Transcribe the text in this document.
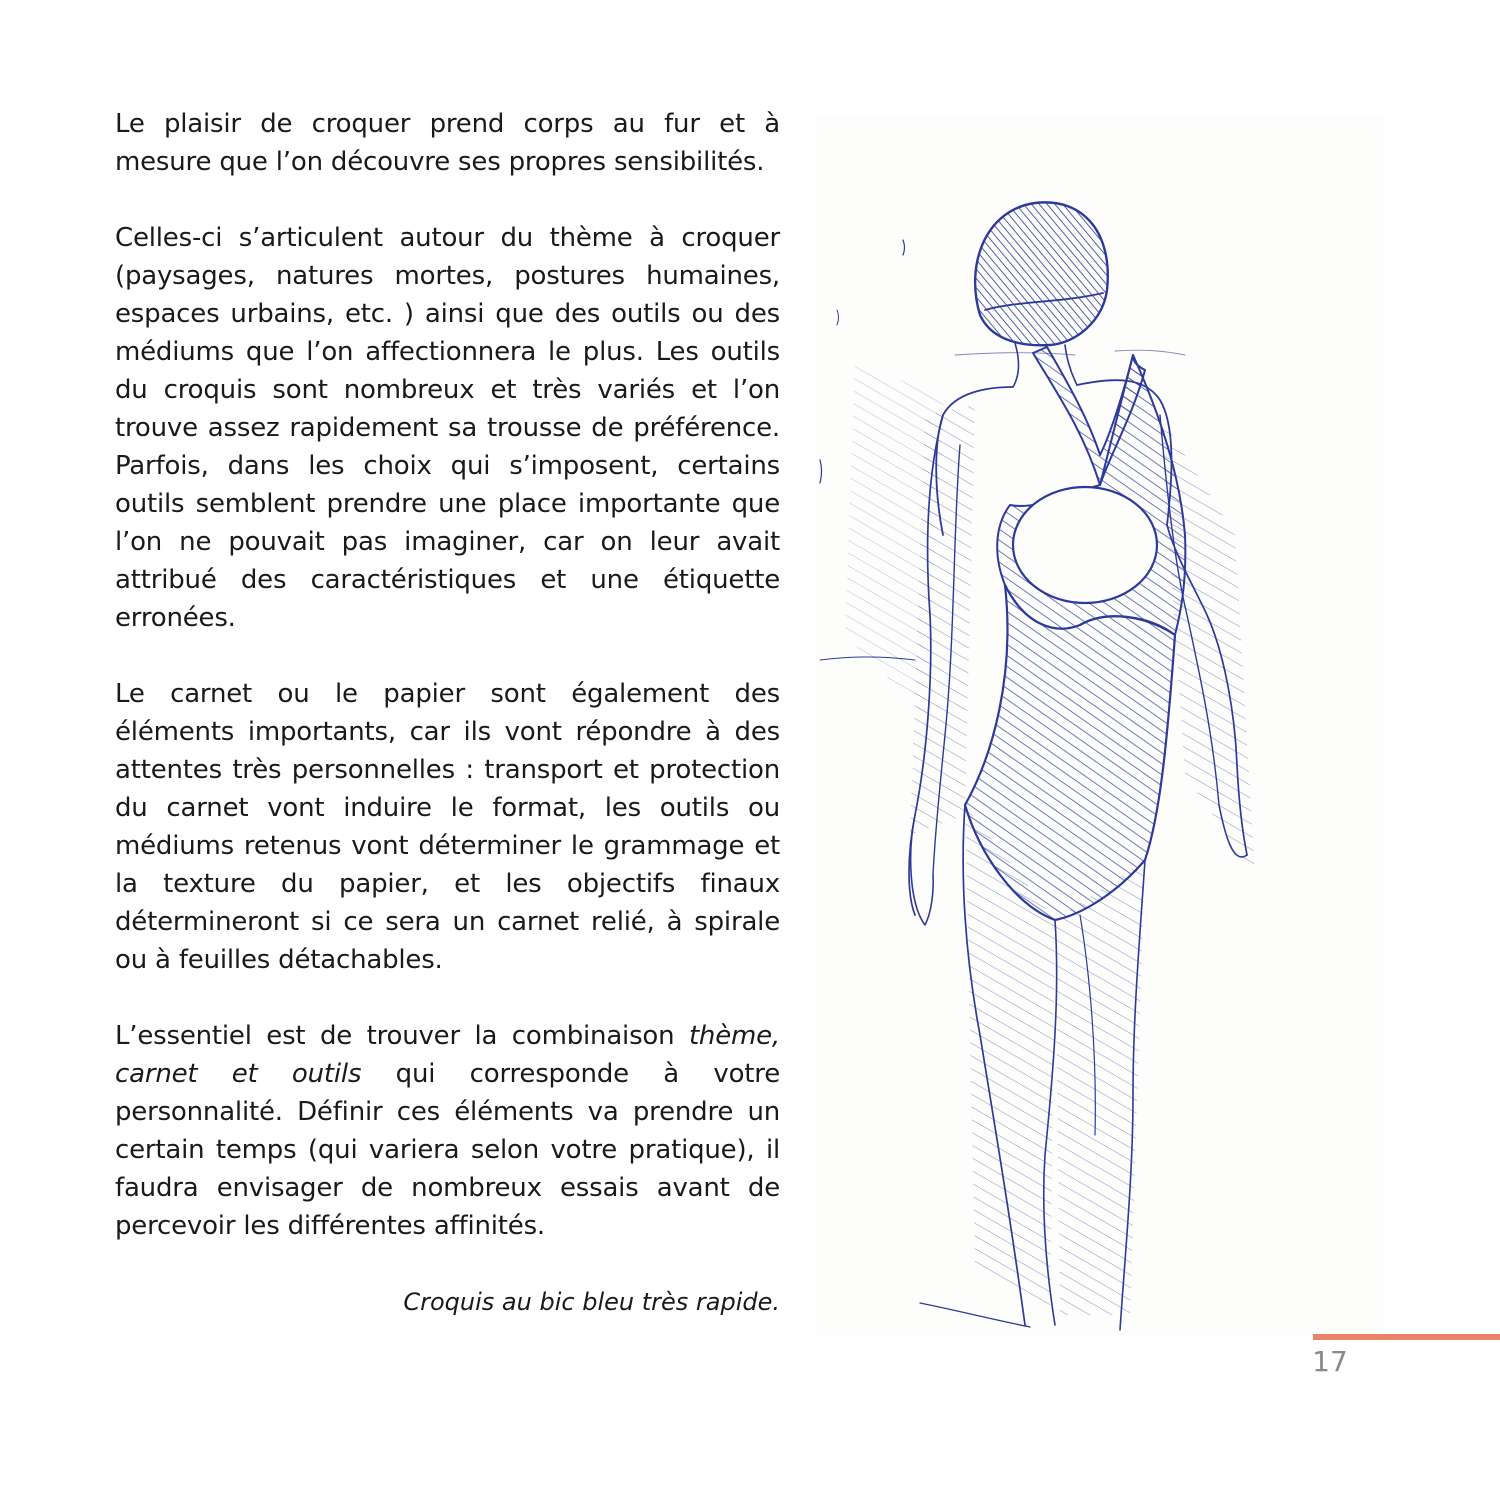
Le plaisir de croquer prend corps au fur et à mesure que l’on découvre ses propres sensibilités.

Celles-ci s’articulent autour du thème à croquer (paysages, natures mortes, postures humaines, espaces urbains, etc. ) ainsi que des outils ou des médiums que l’on affectionnera le plus. Les outils du croquis sont nombreux et très variés et l’on trouve assez rapidement sa trousse de préférence. Parfois, dans les choix qui s’imposent, certains outils semblent prendre une place importante que l’on ne pouvait pas imaginer, car on leur avait attribué des caractéristiques et une étiquette erronées.

Le carnet ou le papier sont également des éléments importants, car ils vont répondre à des attentes très personnelles : transport et protection du carnet vont induire le format, les outils ou médiums retenus vont déterminer le grammage et la texture du papier, et les objectifs finaux détermineront si ce sera un carnet relié, à spirale ou à feuilles détachables.

L’essentiel est de trouver la combinaison thème, carnet et outils qui corresponde à votre personnalité. Définir ces éléments va prendre un certain temps (qui variera selon votre pratique), il faudra envisager de nombreux essais avant de percevoir les différentes affinités.

Croquis au bic bleu très rapide.
17
